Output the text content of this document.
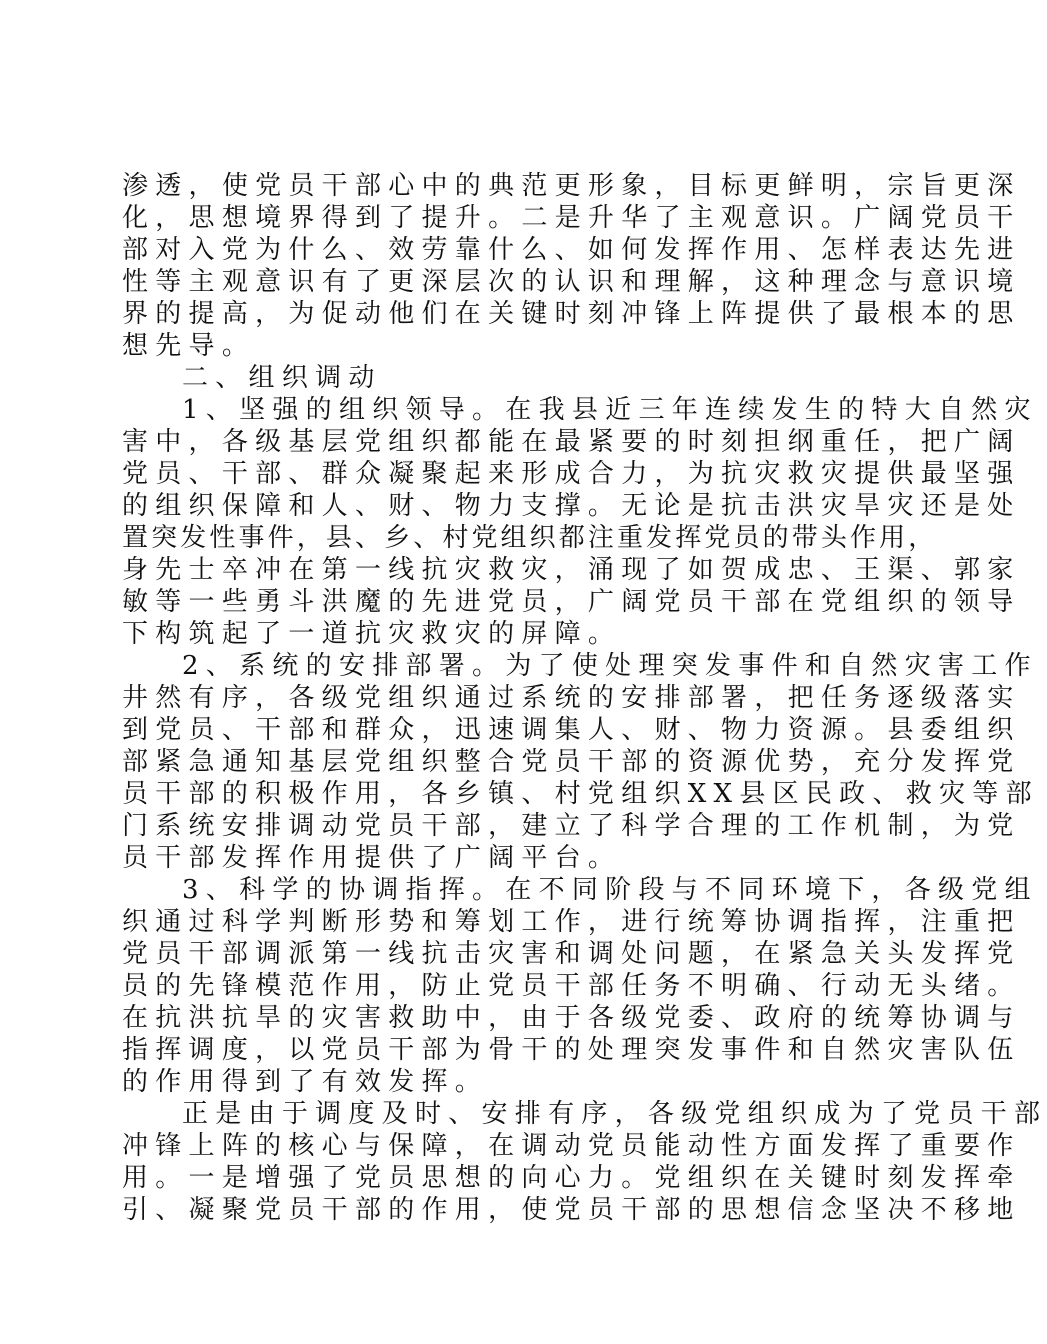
渗透，使党员干部心中的典范更形象，目标更鲜明，宗旨更深
化，思想境界得到了提升。二是升华了主观意识。广阔党员干
部对入党为什么、效劳靠什么、如何发挥作用、怎样表达先进
性等主观意识有了更深层次的认识和理解，这种理念与意识境
界的提高，为促动他们在关键时刻冲锋上阵提供了最根本的思
想先导。
二、组织调动
1、坚强的组织领导。在我县近三年连续发生的特大自然灾
害中，各级基层党组织都能在最紧要的时刻担纲重任，把广阔
党员、干部、群众凝聚起来形成合力，为抗灾救灾提供最坚强
的组织保障和人、财、物力支撑。无论是抗击洪灾旱灾还是处
置突发性事件，县、乡、村党组织都注重发挥党员的带头作用，
身先士卒冲在第一线抗灾救灾，涌现了如贺成忠、王渠、郭家
敏等一些勇斗洪魔的先进党员，广阔党员干部在党组织的领导
下构筑起了一道抗灾救灾的屏障。
2、系统的安排部署。为了使处理突发事件和自然灾害工作
井然有序，各级党组织通过系统的安排部署，把任务逐级落实
到党员、干部和群众，迅速调集人、财、物力资源。县委组织
部紧急通知基层党组织整合党员干部的资源优势，充分发挥党
员干部的积极作用，各乡镇、村党组织XX县区民政、救灾等部
门系统安排调动党员干部，建立了科学合理的工作机制，为党
员干部发挥作用提供了广阔平台。
3、科学的协调指挥。在不同阶段与不同环境下，各级党组
织通过科学判断形势和筹划工作，进行统筹协调指挥，注重把
党员干部调派第一线抗击灾害和调处问题，在紧急关头发挥党
员的先锋模范作用，防止党员干部任务不明确、行动无头绪。
在抗洪抗旱的灾害救助中，由于各级党委、政府的统筹协调与
指挥调度，以党员干部为骨干的处理突发事件和自然灾害队伍
的作用得到了有效发挥。
正是由于调度及时、安排有序，各级党组织成为了党员干部
冲锋上阵的核心与保障，在调动党员能动性方面发挥了重要作
用。一是增强了党员思想的向心力。党组织在关键时刻发挥牵
引、凝聚党员干部的作用，使党员干部的思想信念坚决不移地
